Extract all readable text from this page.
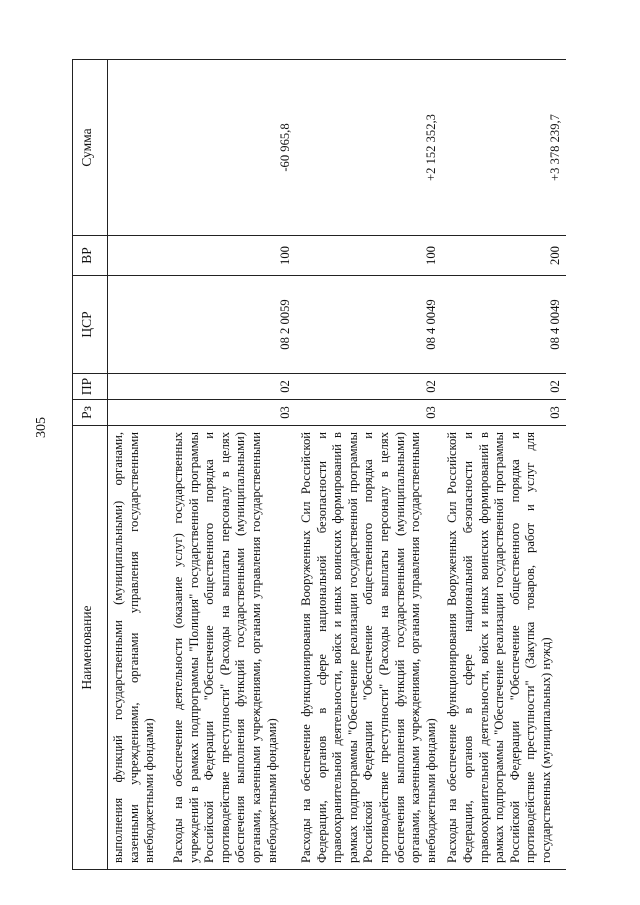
305
Наименование	Рз	ПР	ЦСР	ВР	Сумма
выполнения функций государственными (муниципальными) органами, казенными учреждениями, органами управления государственными внебюджетными фондами)					
Расходы на обеспечение деятельности (оказание услуг) государственных учреждений в рамках подпрограммы "Полиция" государственной программы Российской Федерации "Обеспечение общественного порядка и противодействие преступности" (Расходы на выплаты персоналу в целях обеспечения выполнения функций государственными (муниципальными) органами, казенными учреждениями, органами управления государственными внебюджетными фондами)	03	02	08 2 0059	100	-60 965,8
Расходы на обеспечение функционирования Вооруженных Сил Российской Федерации, органов в сфере национальной безопасности и правоохранительной деятельности, войск и иных воинских формирований в рамках подпрограммы "Обеспечение реализации государственной программы Российской Федерации "Обеспечение общественного порядка и противодействие преступности" (Расходы на выплаты персоналу в целях обеспечения выполнения функций государственными (муниципальными) органами, казенными учреждениями, органами управления государственными внебюджетными фондами)	03	02	08 4 0049	100	+2 152 352,3
Расходы на обеспечение функционирования Вооруженных Сил Российской Федерации, органов в сфере национальной безопасности и правоохранительной деятельности, войск и иных воинских формирований в рамках подпрограммы "Обеспечение реализации государственной программы Российской Федерации "Обеспечение общественного порядка и противодействие преступности" (Закупка товаров, работ и услуг для государственных (муниципальных) нужд)	03	02	08 4 0049	200	+3 378 239,7
